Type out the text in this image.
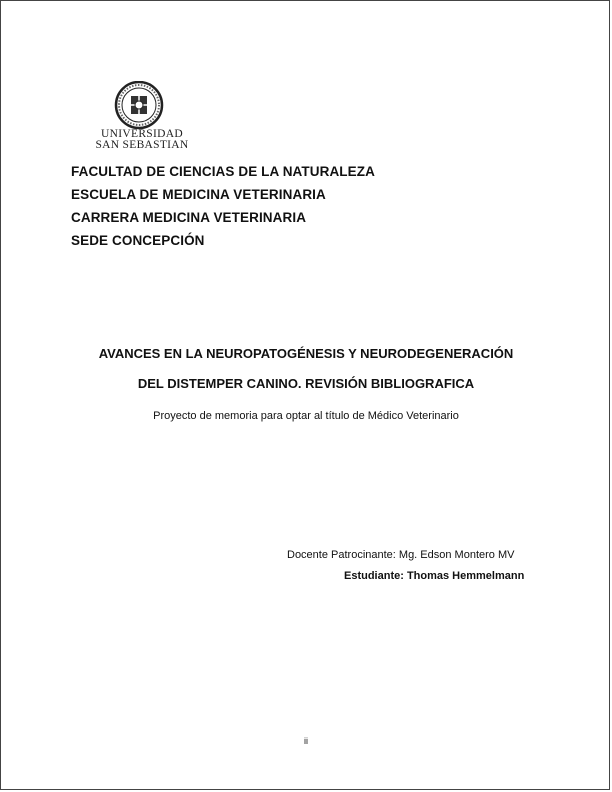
UNIVERSIDAD
SAN SEBASTIAN
FACULTAD DE CIENCIAS DE LA NATURALEZA
ESCUELA DE MEDICINA VETERINARIA
CARRERA MEDICINA VETERINARIA
SEDE CONCEPCIÓN
AVANCES EN LA NEUROPATOGÉNESIS Y NEURODEGENERACIÓN
DEL DISTEMPER CANINO. REVISIÓN BIBLIOGRAFICA
Proyecto de memoria para optar al título de Médico Veterinario
Docente Patrocinante: Mg. Edson Montero MV
Estudiante: Thomas Hemmelmann
ii
